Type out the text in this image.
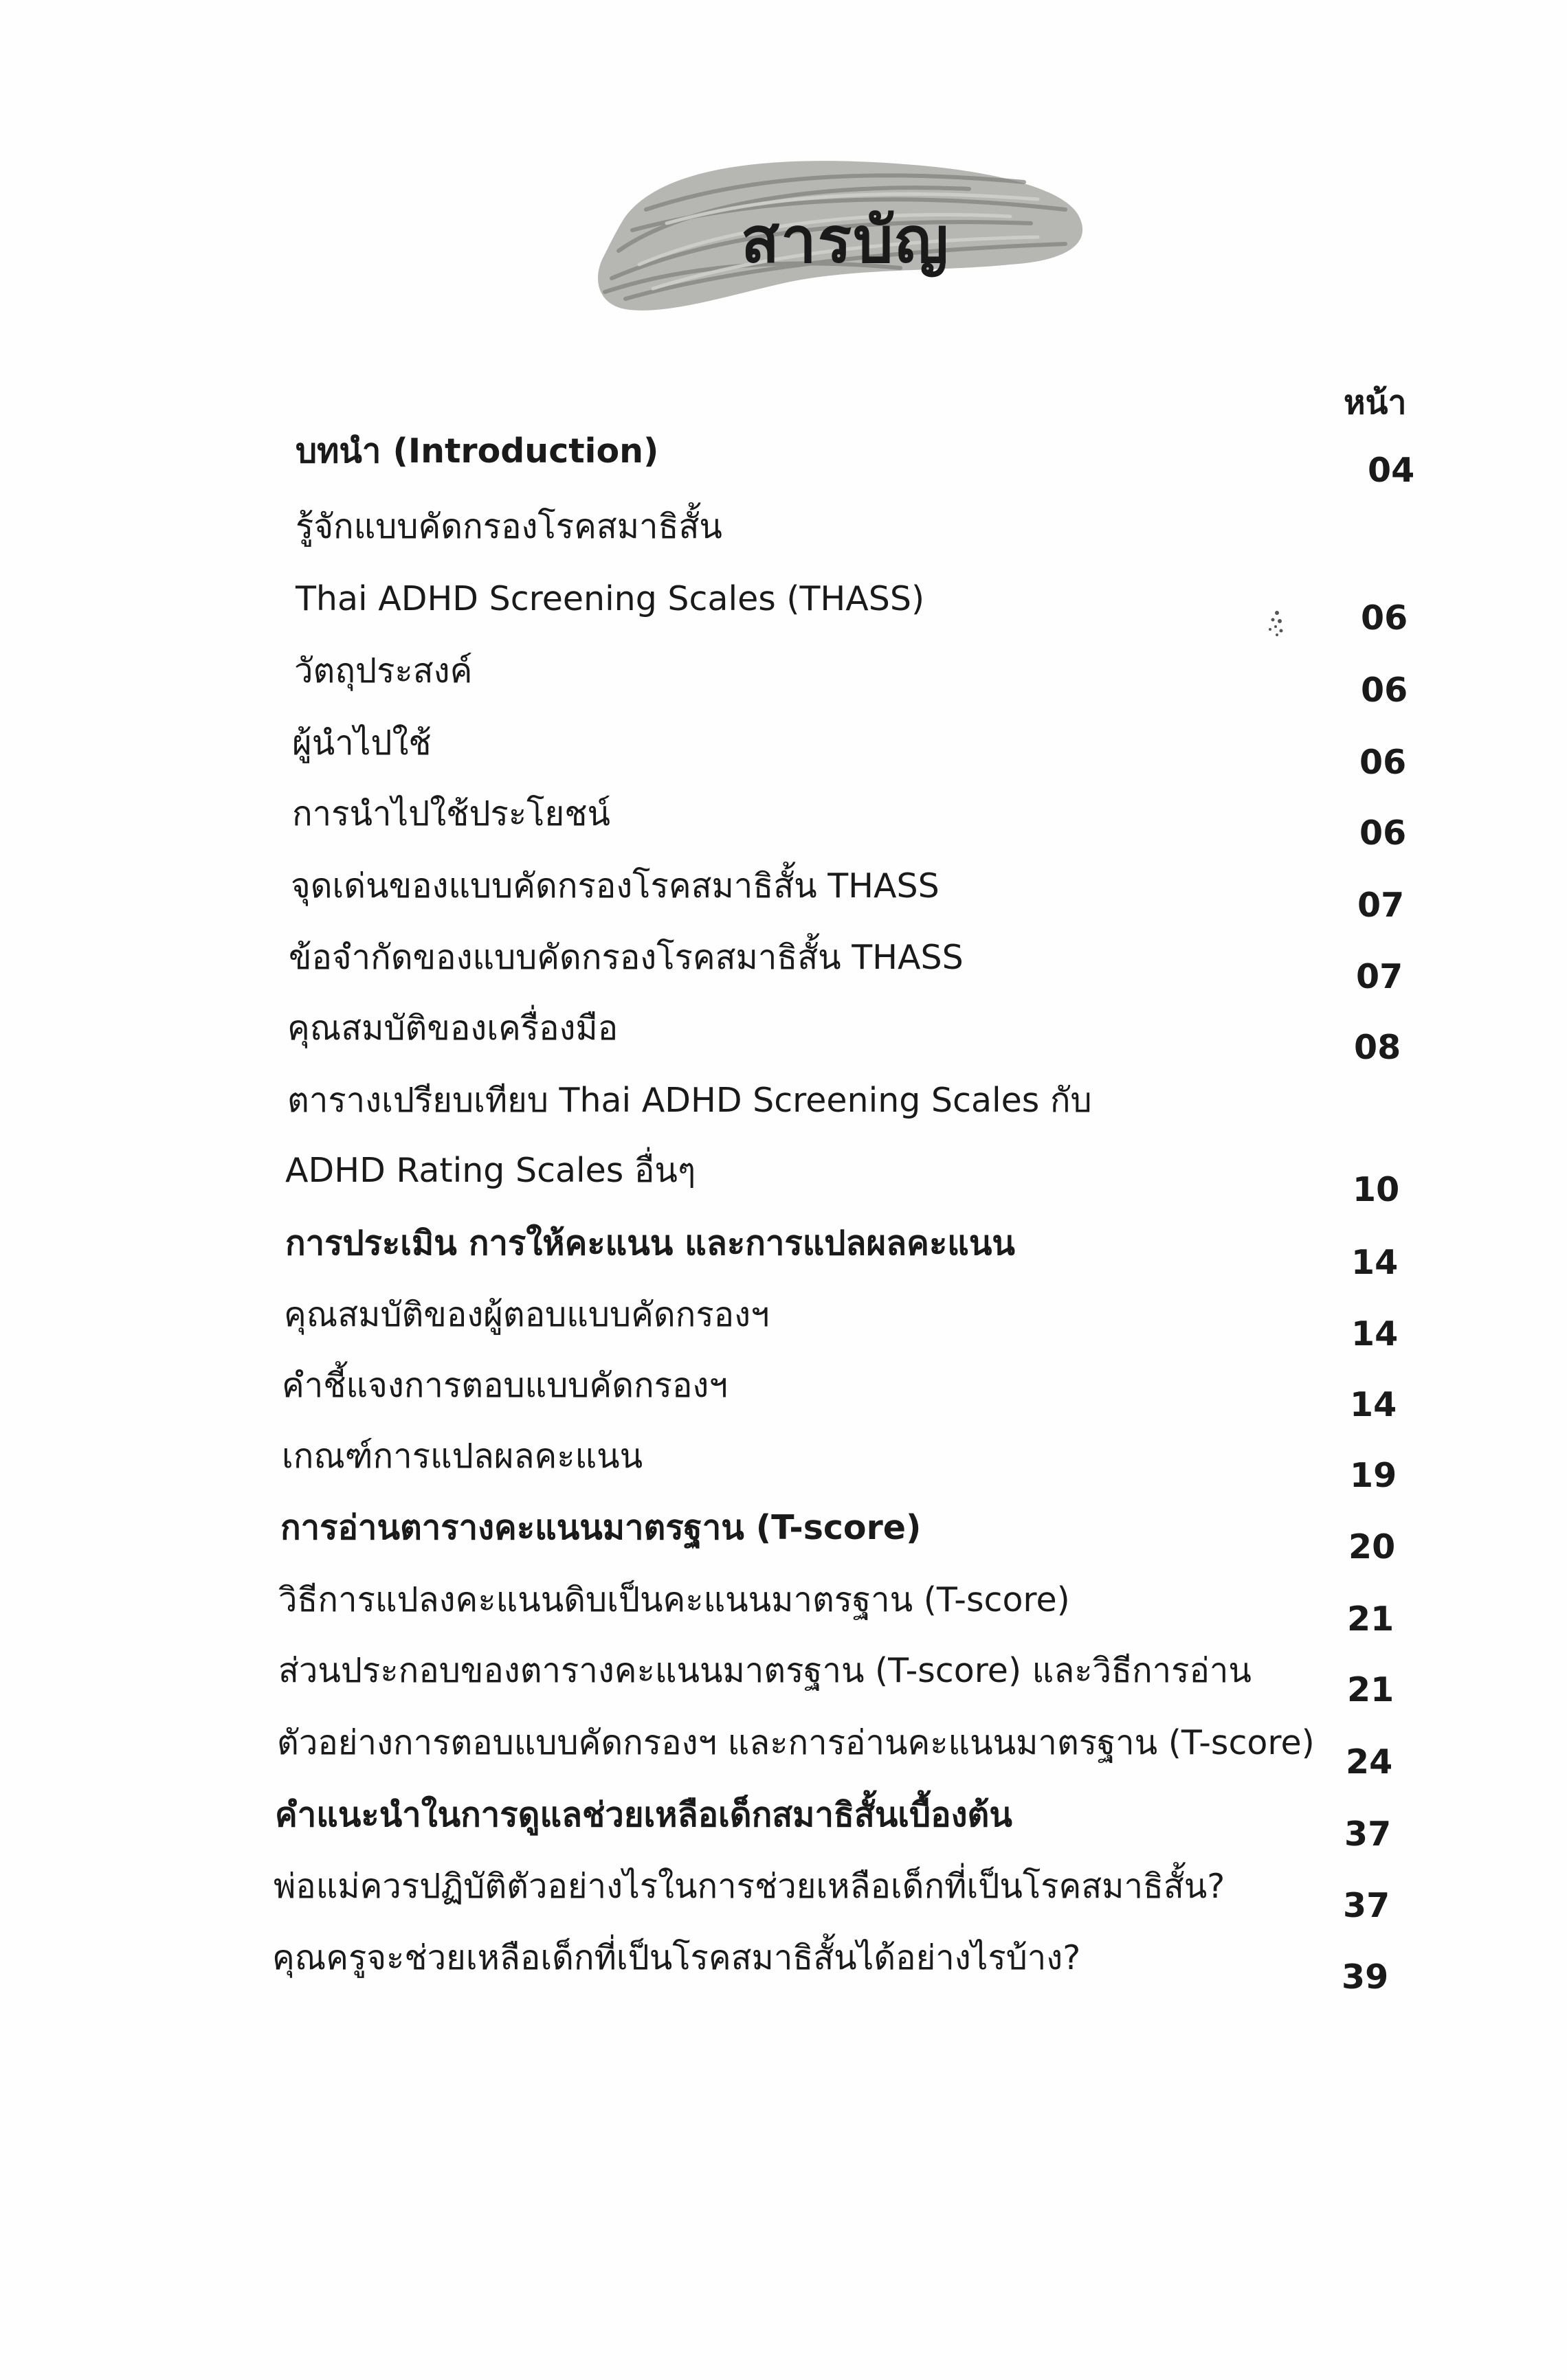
สารบัญ
หน้า
บทนำ (Introduction)	04
รู้จักแบบคัดกรองโรคสมาธิสั้น
Thai ADHD Screening Scales (THASS)	06
วัตถุประสงค์	06
ผู้นำไปใช้	06
การนำไปใช้ประโยชน์	06
จุดเด่นของแบบคัดกรองโรคสมาธิสั้น THASS	07
ข้อจำกัดของแบบคัดกรองโรคสมาธิสั้น THASS	07
คุณสมบัติของเครื่องมือ	08
ตารางเปรียบเทียบ Thai ADHD Screening Scales กับ
ADHD Rating Scales อื่นๆ	10
การประเมิน การให้คะแนน และการแปลผลคะแนน	14
คุณสมบัติของผู้ตอบแบบคัดกรองฯ	14
คำชี้แจงการตอบแบบคัดกรองฯ	14
เกณฑ์การแปลผลคะแนน	19
การอ่านตารางคะแนนมาตรฐาน (T-score)	20
วิธีการแปลงคะแนนดิบเป็นคะแนนมาตรฐาน (T-score)	21
ส่วนประกอบของตารางคะแนนมาตรฐาน (T-score) และวิธีการอ่าน	21
ตัวอย่างการตอบแบบคัดกรองฯ และการอ่านคะแนนมาตรฐาน (T-score) 24
คำแนะนำในการดูแลช่วยเหลือเด็กสมาธิสั้นเบื้องต้น	37
พ่อแม่ควรปฏิบัติตัวอย่างไรในการช่วยเหลือเด็กที่เป็นโรคสมาธิสั้น?	37
คุณครูจะช่วยเหลือเด็กที่เป็นโรคสมาธิสั้นได้อย่างไรบ้าง?	39
